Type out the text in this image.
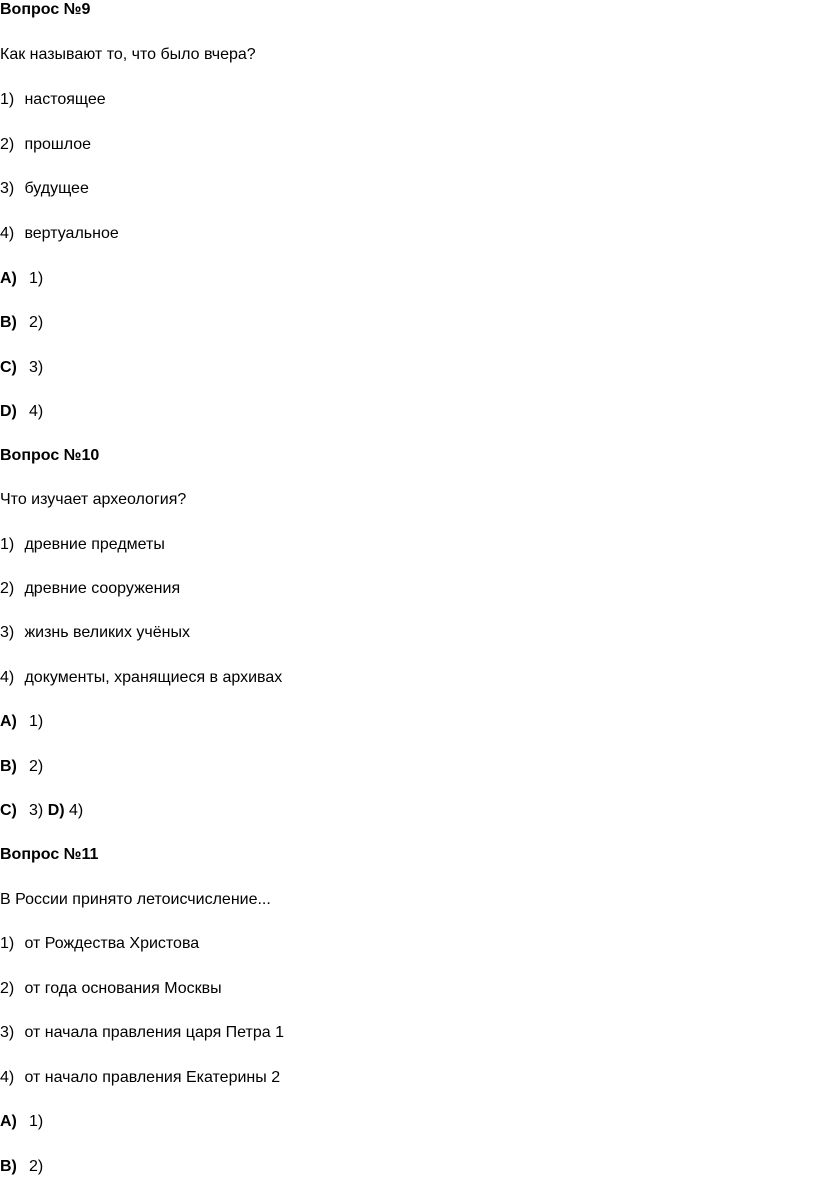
Вопрос №9
Как называют то, что было вчера?
1) настоящее
2) прошлое
3) будущее
4) вертуальное
A) 1)
B) 2)
C) 3)
D) 4)
Вопрос №10
Что изучает археология?
1) древние предметы
2) древние сооружения
3) жизнь великих учёных
4) документы, хранящиеся в архивах
A) 1)
B) 2)
C) 3) D) 4)
Вопрос №11
В России принято летоисчисление...
1) от Рождества Христова
2) от года основания Москвы
3) от начала правления царя Петра 1
4) от начало правления Екатерины 2
A) 1)
B) 2)
